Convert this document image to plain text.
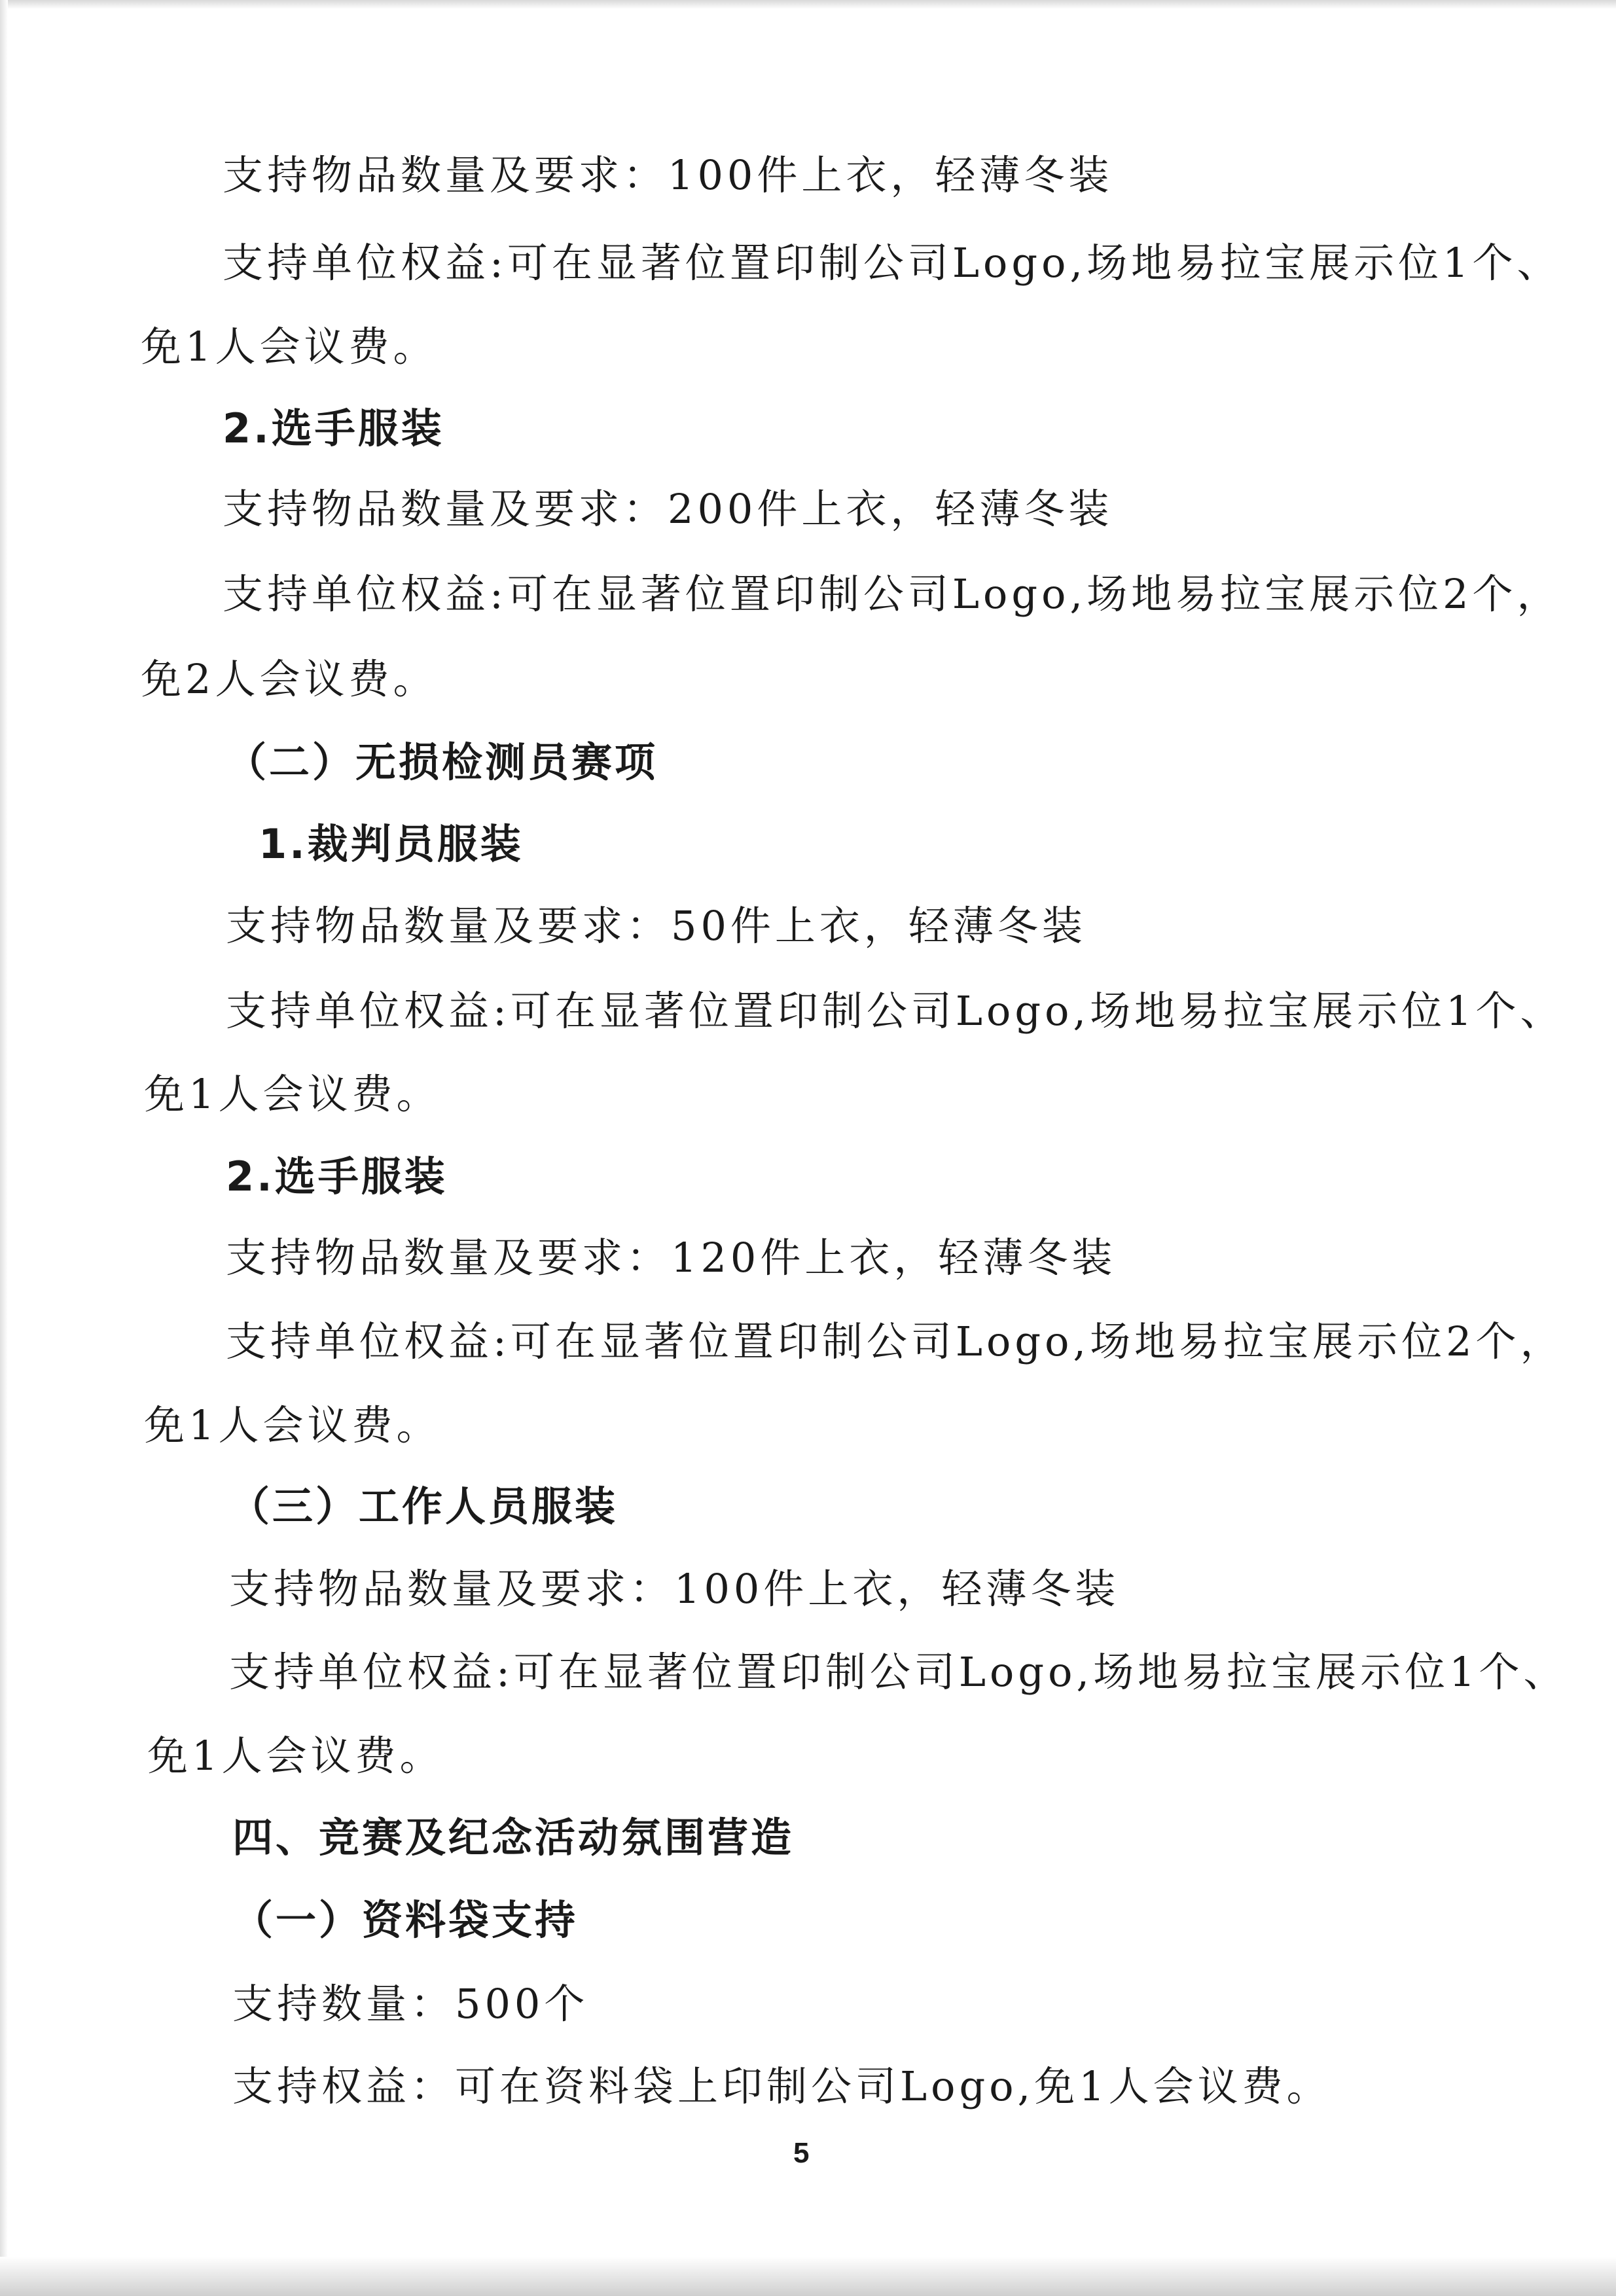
支持物品数量及要求：100件上衣，轻薄冬装
支持单位权益:可在显著位置印制公司Logo,场地易拉宝展示位1个、
免1人会议费。
2.选手服装
支持物品数量及要求：200件上衣，轻薄冬装
支持单位权益:可在显著位置印制公司Logo,场地易拉宝展示位2个，
免2人会议费。
（二）无损检测员赛项
1.裁判员服装
支持物品数量及要求：50件上衣，轻薄冬装
支持单位权益:可在显著位置印制公司Logo,场地易拉宝展示位1个、
免1人会议费。
2.选手服装
支持物品数量及要求：120件上衣，轻薄冬装
支持单位权益:可在显著位置印制公司Logo,场地易拉宝展示位2个，
免1人会议费。
（三）工作人员服装
支持物品数量及要求：100件上衣，轻薄冬装
支持单位权益:可在显著位置印制公司Logo,场地易拉宝展示位1个、
免1人会议费。
四、竞赛及纪念活动氛围营造
（一）资料袋支持
支持数量：500个
支持权益：可在资料袋上印制公司Logo,免1人会议费。
5
